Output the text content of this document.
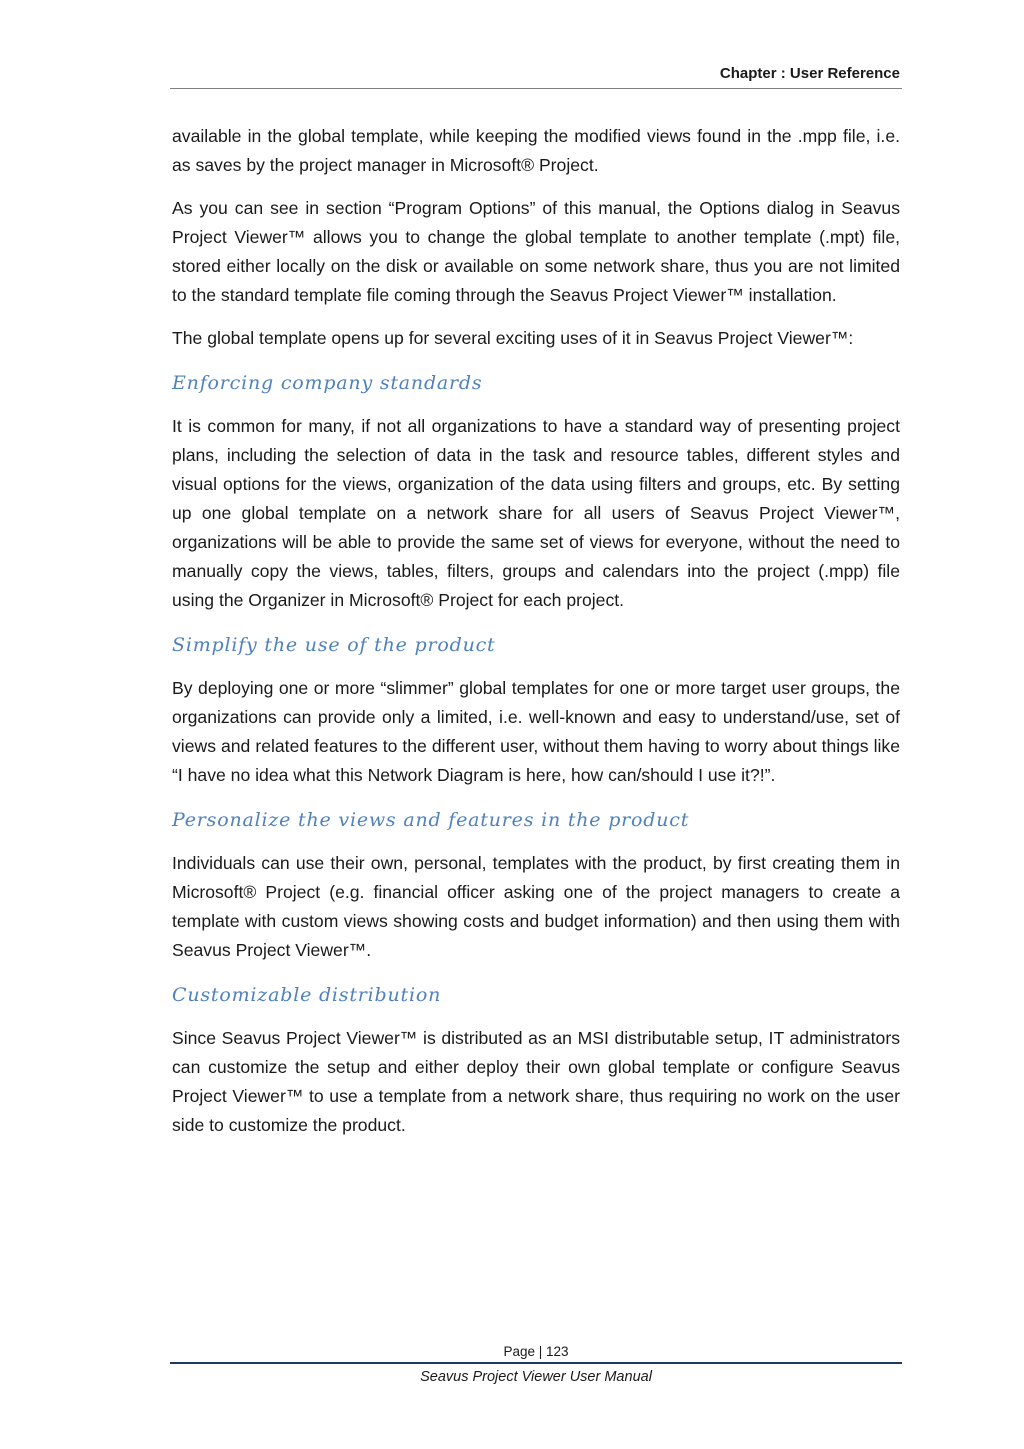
Chapter : User Reference

available in the global template, while keeping the modified views found in the .mpp file, i.e. as saves by the project manager in Microsoft® Project.

As you can see in section “Program Options” of this manual, the Options dialog in Seavus Project Viewer™ allows you to change the global template to another template (.mpt) file, stored either locally on the disk or available on some network share, thus you are not limited to the standard template file coming through the Seavus Project Viewer™ installation.

The global template opens up for several exciting uses of it in Seavus Project Viewer™:

Enforcing company standards

It is common for many, if not all organizations to have a standard way of presenting project plans, including the selection of data in the task and resource tables, different styles and visual options for the views, organization of the data using filters and groups, etc. By setting up one global template on a network share for all users of Seavus Project Viewer™, organizations will be able to provide the same set of views for everyone, without the need to manually copy the views, tables, filters, groups and calendars into the project (.mpp) file using the Organizer in Microsoft® Project for each project.

Simplify the use of the product

By deploying one or more “slimmer” global templates for one or more target user groups, the organizations can provide only a limited, i.e. well-known and easy to understand/use, set of views and related features to the different user, without them having to worry about things like “I have no idea what this Network Diagram is here, how can/should I use it?!”.

Personalize the views and features in the product

Individuals can use their own, personal, templates with the product, by first creating them in Microsoft® Project (e.g. financial officer asking one of the project managers to create a template with custom views showing costs and budget information) and then using them with Seavus Project Viewer™.

Customizable distribution

Since Seavus Project Viewer™ is distributed as an MSI distributable setup, IT administrators can customize the setup and either deploy their own global template or configure Seavus Project Viewer™ to use a template from a network share, thus requiring no work on the user side to customize the product.

Page | 123
Seavus Project Viewer User Manual
